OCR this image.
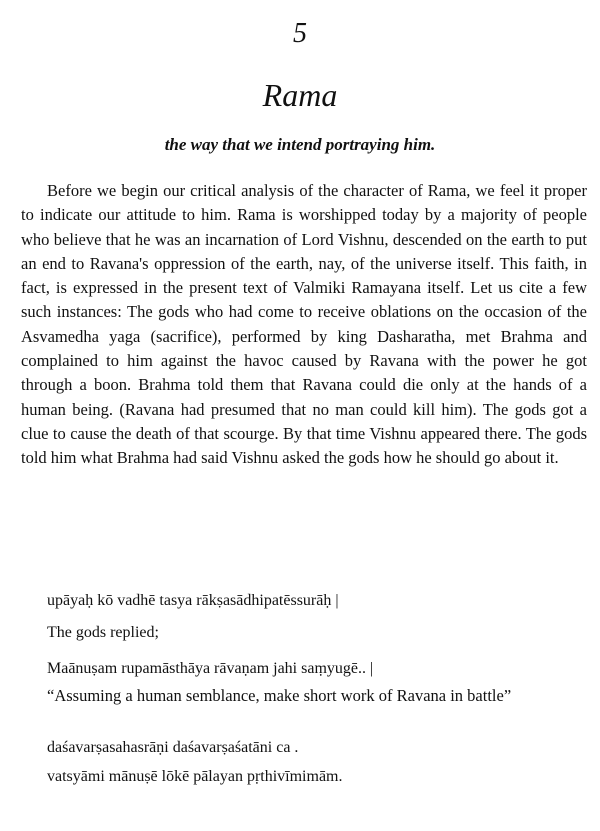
5
Rama
the way that we intend portraying him.

Before we begin our critical analysis of the character of Rama, we feel it proper to indicate our attitude to him. Rama is worshipped today by a majority of people who believe that he was an incarnation of Lord Vishnu, descended on the earth to put an end to Ravana's oppression of the earth, nay, of the universe itself. This faith, in fact, is expressed in the present text of Valmiki Ramayana itself. Let us cite a few such instances: The gods who had come to receive oblations on the occasion of the Asvamedha yaga (sacrifice), performed by king Dasharatha, met Brahma and complained to him against the havoc caused by Ravana with the power he got through a boon. Brahma told them that Ravana could die only at the hands of a human being. (Ravana had presumed that no man could kill him). The gods got a clue to cause the death of that scourge. By that time Vishnu appeared there. The gods told him what Brahma had said Vishnu asked the gods how he should go about it.

upāyaḥ kō vadhē tasya rākṣasādhipatēssurāḥ |

The gods replied;

Maānuṣam rupamāsthāya rāvaṇam jahi saṃyugē.. |

“Assuming a human semblance, make short work of Ravana in battle”

daśavarṣasahasrāṇi daśavarṣaśatāni ca .

vatsyāmi mānuṣē lōkē pālayan pṛthivīmimām.
